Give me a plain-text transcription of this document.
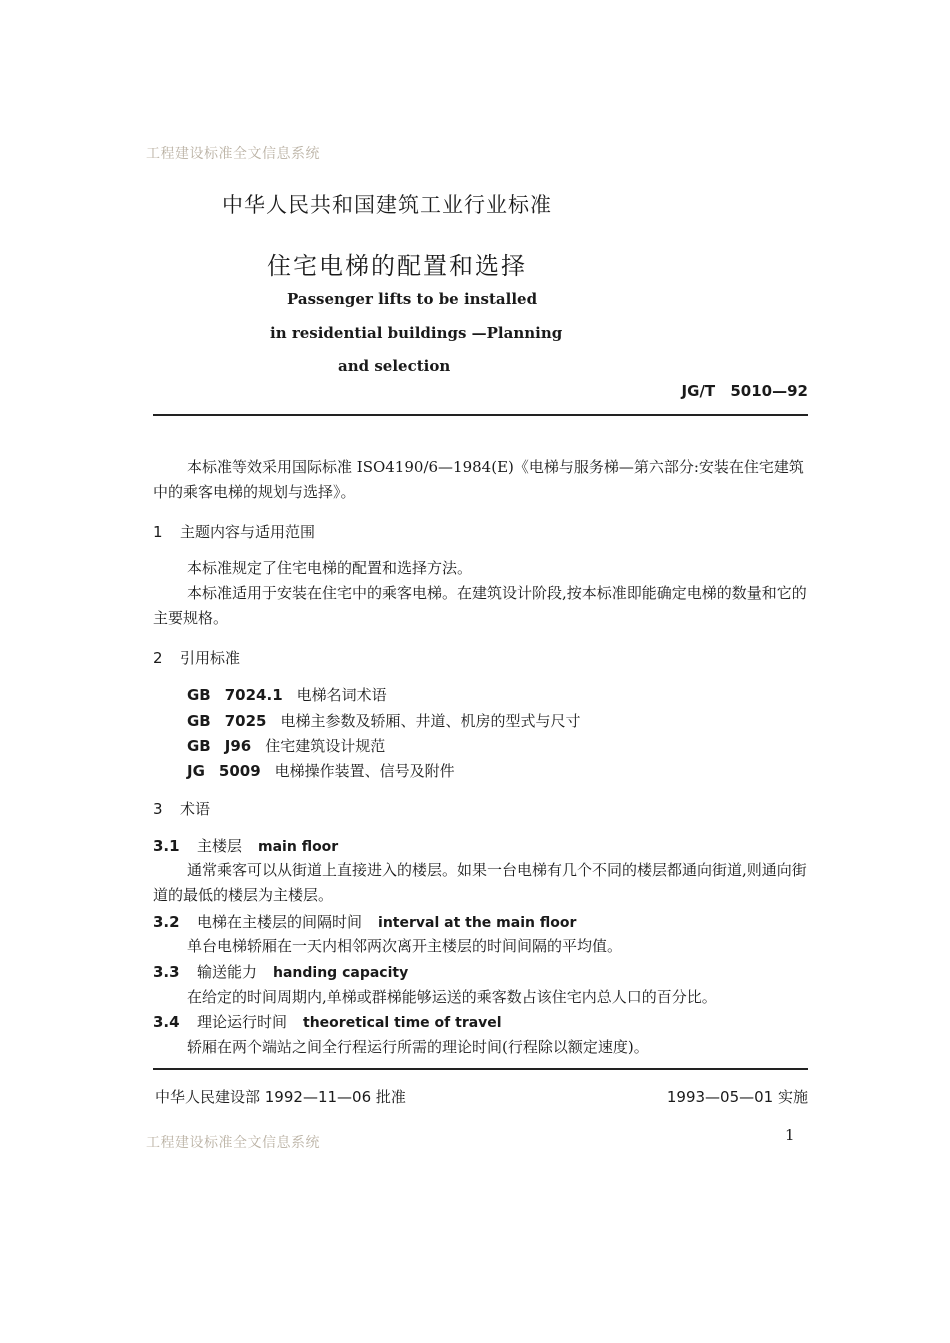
工程建设标准全文信息系统
中华人民共和国建筑工业行业标准
住宅电梯的配置和选择
Passenger lifts to be installed
in residential buildings —Planning
and selection
JG/T 5010—92
本标准等效采用国际标准 ISO4190/6—1984(E)《电梯与服务梯—第六部分:安装在住宅建筑中的乘客电梯的规划与选择》。
1 主题内容与适用范围
本标准规定了住宅电梯的配置和选择方法。
本标准适用于安装在住宅中的乘客电梯。在建筑设计阶段,按本标准即能确定电梯的数量和它的主要规格。
2 引用标准
GB 7024.1 电梯名词术语
GB 7025 电梯主参数及轿厢、井道、机房的型式与尺寸
GB J96 住宅建筑设计规范
JG 5009 电梯操作装置、信号及附件
3 术语
3.1 主楼层 main floor
通常乘客可以从街道上直接进入的楼层。如果一台电梯有几个不同的楼层都通向街道,则通向街道的最低的楼层为主楼层。
3.2 电梯在主楼层的间隔时间 interval at the main floor
单台电梯轿厢在一天内相邻两次离开主楼层的时间间隔的平均值。
3.3 输送能力 handing capacity
在给定的时间周期内,单梯或群梯能够运送的乘客数占该住宅内总人口的百分比。
3.4 理论运行时间 theoretical time of travel
轿厢在两个端站之间全行程运行所需的理论时间(行程除以额定速度)。
中华人民建设部 1992—11—06 批准	1993—05—01 实施
工程建设标准全文信息系统	1
